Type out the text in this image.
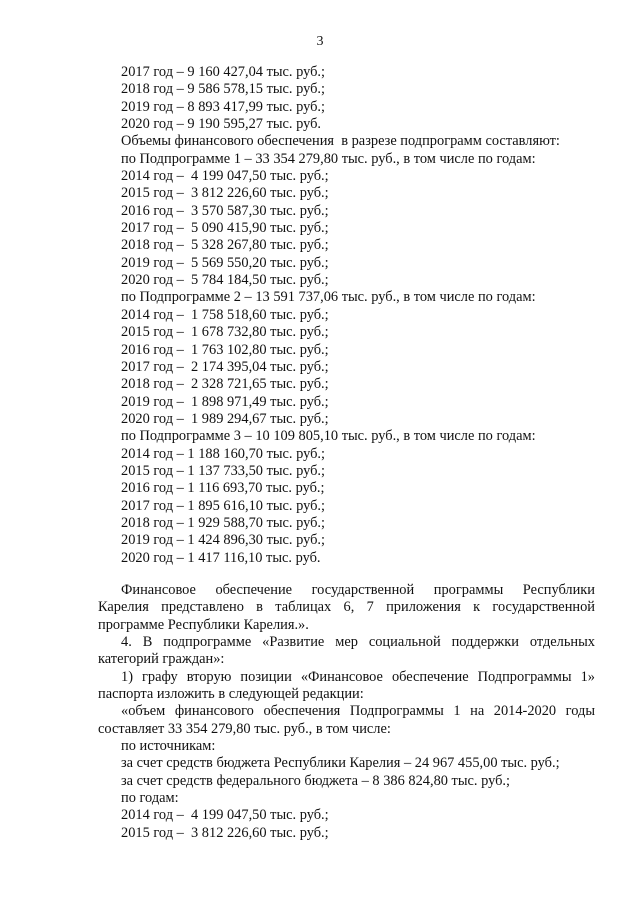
3
2017 год – 9 160 427,04 тыс. руб.;
2018 год – 9 586 578,15 тыс. руб.;
2019 год – 8 893 417,99 тыс. руб.;
2020 год – 9 190 595,27 тыс. руб.
Объемы финансового обеспечения  в разрезе подпрограмм составляют:
по Подпрограмме 1 – 33 354 279,80 тыс. руб., в том числе по годам:
2014 год –  4 199 047,50 тыс. руб.;
2015 год –  3 812 226,60 тыс. руб.;
2016 год –  3 570 587,30 тыс. руб.;
2017 год –  5 090 415,90 тыс. руб.;
2018 год –  5 328 267,80 тыс. руб.;
2019 год –  5 569 550,20 тыс. руб.;
2020 год –  5 784 184,50 тыс. руб.;
по Подпрограмме 2 – 13 591 737,06 тыс. руб., в том числе по годам:
2014 год –  1 758 518,60 тыс. руб.;
2015 год –  1 678 732,80 тыс. руб.;
2016 год –  1 763 102,80 тыс. руб.;
2017 год –  2 174 395,04 тыс. руб.;
2018 год –  2 328 721,65 тыс. руб.;
2019 год –  1 898 971,49 тыс. руб.;
2020 год –  1 989 294,67 тыс. руб.;
по Подпрограмме 3 – 10 109 805,10 тыс. руб., в том числе по годам:
2014 год – 1 188 160,70 тыс. руб.;
2015 год – 1 137 733,50 тыс. руб.;
2016 год – 1 116 693,70 тыс. руб.;
2017 год – 1 895 616,10 тыс. руб.;
2018 год – 1 929 588,70 тыс. руб.;
2019 год – 1 424 896,30 тыс. руб.;
2020 год – 1 417 116,10 тыс. руб.
Финансовое обеспечение государственной программы Республики
Карелия представлено в таблицах 6, 7 приложения к государственной
программе Республики Карелия.».
4. В подпрограмме «Развитие мер социальной поддержки отдельных
категорий граждан»:
1) графу вторую позиции «Финансовое обеспечение Подпрограммы 1»
паспорта изложить в следующей редакции:
«объем финансового обеспечения Подпрограммы 1 на 2014-2020 годы
составляет 33 354 279,80 тыс. руб., в том числе:
по источникам:
за счет средств бюджета Республики Карелия – 24 967 455,00 тыс. руб.;
за счет средств федерального бюджета – 8 386 824,80 тыс. руб.;
по годам:
2014 год –  4 199 047,50 тыс. руб.;
2015 год –  3 812 226,60 тыс. руб.;
